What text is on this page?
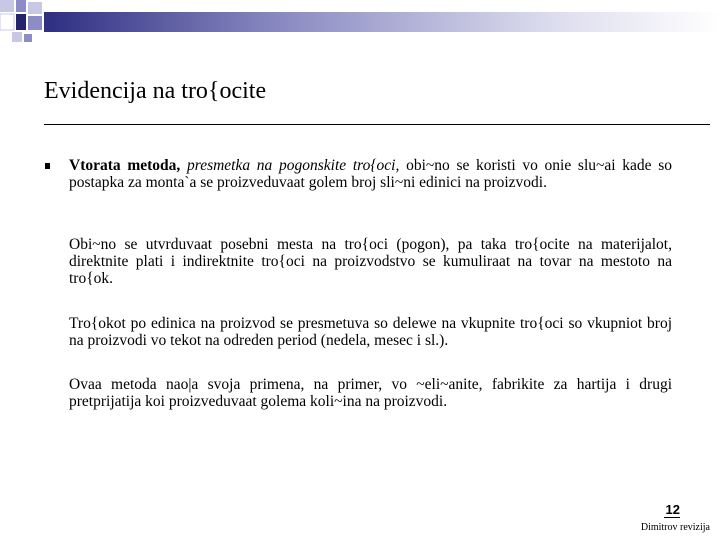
Evidencija na tro{ocite
Vtorata metoda, presmetka na pogonskite tro{oci, obi~no se koristi vo onie slu~ai kade so postapka za monta`a se proizveduvaat golem broj sli~ni edinici na proizvodi.
Obi~no se utvrduvaat posebni mesta na tro{oci (pogon), pa taka tro{ocite na materijalot, direktnite plati i indirektnite tro{oci na proizvodstvo se kumuliraat na tovar na mestoto na tro{ok.
Tro{okot po edinica na proizvod se presmetuva so delewe na vkupnite tro{oci so vkupniot broj na proizvodi vo tekot na odreden period (nedela, mesec i sl.).
Ovaa metoda nao|a svoja primena, na primer, vo ~eli~anite, fabrikite za hartija i drugi pretprijatija koi proizveduvaat golema koli~ina na proizvodi.
12
Dimitrov revizija
